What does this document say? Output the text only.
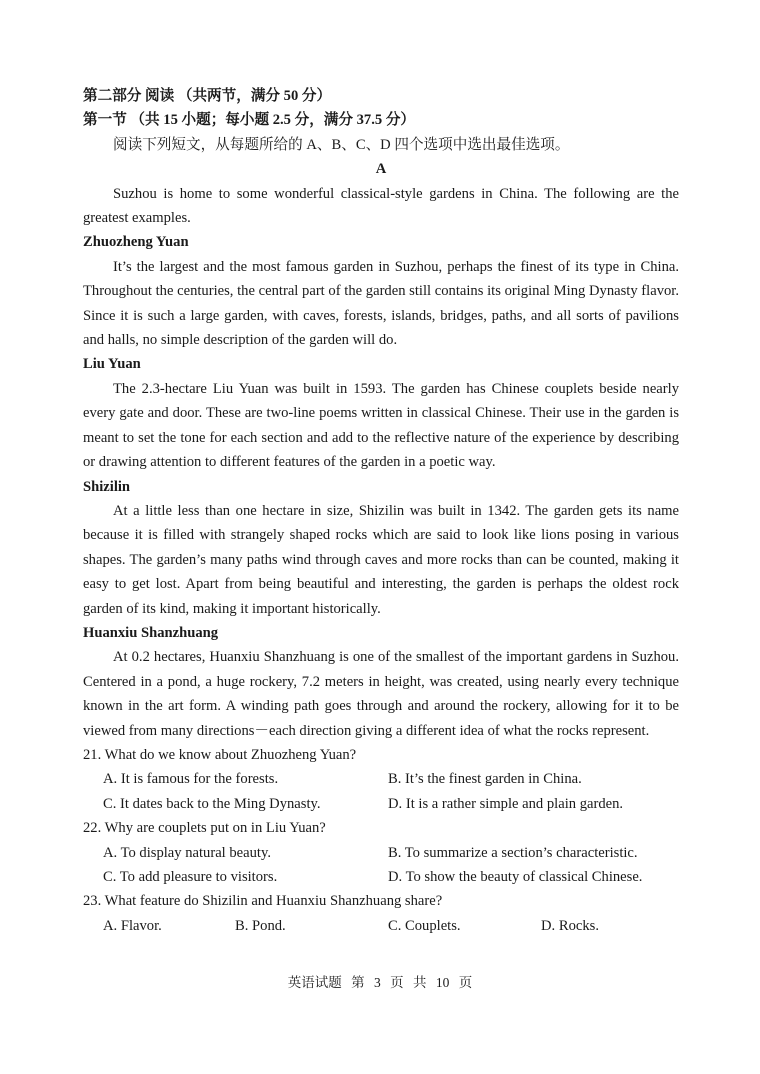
第二部分 阅读 （共两节，满分 50 分）
第一节 （共 15 小题；每小题 2.5 分，满分 37.5 分）
阅读下列短文，从每题所给的 A、B、C、D 四个选项中选出最佳选项。
A
Suzhou is home to some wonderful classical-style gardens in China. The following are the greatest examples.
Zhuozheng Yuan
It’s the largest and the most famous garden in Suzhou, perhaps the finest of its type in China. Throughout the centuries, the central part of the garden still contains its original Ming Dynasty flavor. Since it is such a large garden, with caves, forests, islands, bridges, paths, and all sorts of pavilions and halls, no simple description of the garden will do.
Liu Yuan
The 2.3-hectare Liu Yuan was built in 1593. The garden has Chinese couplets beside nearly every gate and door. These are two-line poems written in classical Chinese. Their use in the garden is meant to set the tone for each section and add to the reflective nature of the experience by describing or drawing attention to different features of the garden in a poetic way.
Shizilin
At a little less than one hectare in size, Shizilin was built in 1342. The garden gets its name because it is filled with strangely shaped rocks which are said to look like lions posing in various shapes. The garden’s many paths wind through caves and more rocks than can be counted, making it easy to get lost. Apart from being beautiful and interesting, the garden is perhaps the oldest rock garden of its kind, making it important historically.
Huanxiu Shanzhuang
At 0.2 hectares, Huanxiu Shanzhuang is one of the smallest of the important gardens in Suzhou. Centered in a pond, a huge rockery, 7.2 meters in height, was created, using nearly every technique known in the art form. A winding path goes through and around the rockery, allowing for it to be viewed from many directions－each direction giving a different idea of what the rocks represent.
21. What do we know about Zhuozheng Yuan?
A. It is famous for the forests.	B. It’s the finest garden in China.
C. It dates back to the Ming Dynasty.	D. It is a rather simple and plain garden.
22. Why are couplets put on in Liu Yuan?
A. To display natural beauty.	B. To summarize a section’s characteristic.
C. To add pleasure to visitors.	D. To show the beauty of classical Chinese.
23. What feature do Shizilin and Huanxiu Shanzhuang share?
A. Flavor.	B. Pond.	C. Couplets.	D. Rocks.
英语试题 第 3 页 共 10 页
